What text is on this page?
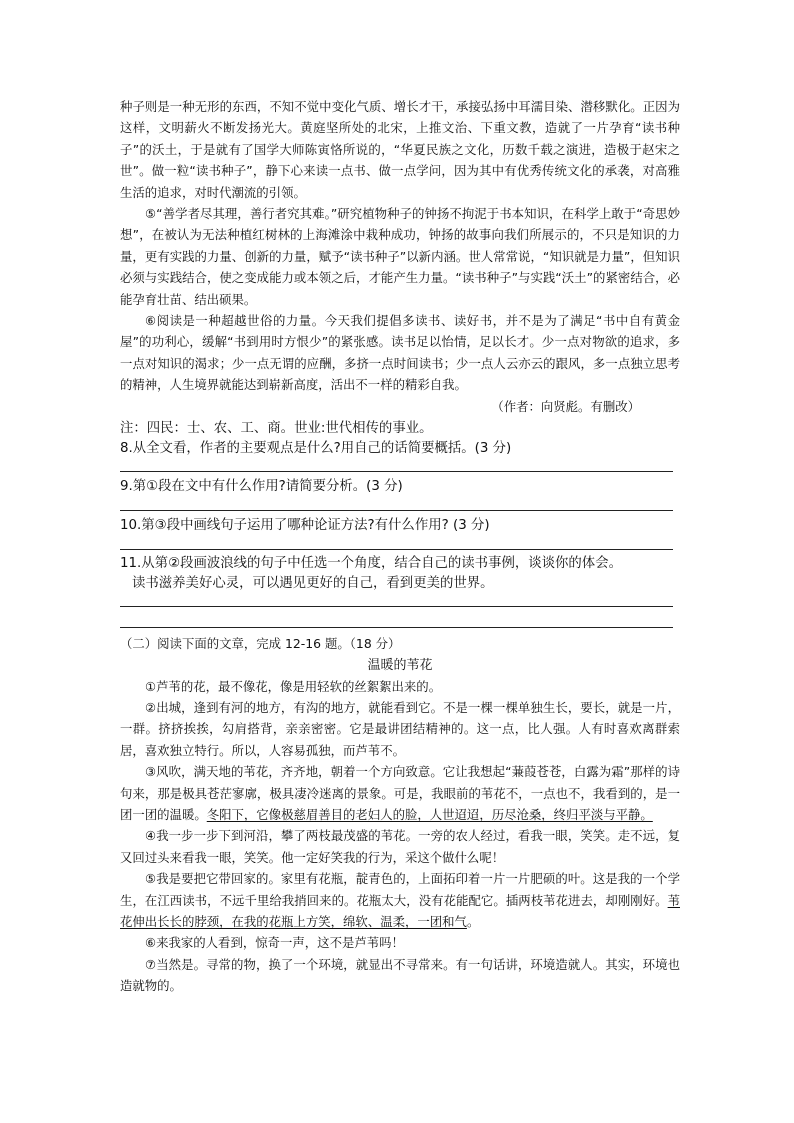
种子则是一种无形的东西，不知不觉中变化气质、增长才干，承接弘扬中耳濡目染、潜移默化。正因为这样，文明薪火不断发扬光大。黄庭坚所处的北宋，上推文治、下重文教，造就了一片孕育“读书种子”的沃土，于是就有了国学大师陈寅恪所说的，“华夏民族之文化，历数千载之演进，造极于赵宋之世”。做一粒“读书种子”，静下心来读一点书、做一点学问，因为其中有优秀传统文化的承袭，对高雅生活的追求，对时代潮流的引领。

⑤“善学者尽其理，善行者究其难。”研究植物种子的钟扬不拘泥于书本知识，在科学上敢于“奇思妙想”，在被认为无法种植红树林的上海滩涂中栽种成功，钟扬的故事向我们所展示的，不只是知识的力量，更有实践的力量、创新的力量，赋予“读书种子”以新内涵。世人常常说，“知识就是力量”，但知识必须与实践结合，使之变成能力或本领之后，才能产生力量。“读书种子”与实践“沃土”的紧密结合，必能孕育壮苗、结出硕果。

⑥阅读是一种超越世俗的力量。今天我们提倡多读书、读好书，并不是为了满足“书中自有黄金屋”的功利心，缓解“书到用时方恨少”的紧张感。读书足以怡情，足以长才。少一点对物欲的追求，多一点对知识的渴求；少一点无谓的应酬，多挤一点时间读书；少一点人云亦云的跟风，多一点独立思考的精神，人生境界就能达到崭新高度，活出不一样的精彩自我。

（作者：向贤彪。有删改）

注：四民：士、农、工、商。世业:世代相传的事业。

8.从全文看，作者的主要观点是什么?用自己的话简要概括。(3 分)

9.第①段在文中有什么作用?请简要分析。(3 分)

10.第③段中画线句子运用了哪种论证方法?有什么作用? (3 分)

11.从第②段画波浪线的句子中任选一个角度，结合自己的读书事例，谈谈你的体会。

读书滋养美好心灵，可以遇见更好的自己，看到更美的世界。

（二）阅读下面的文章，完成 12-16 题。（18 分）

温暖的苇花

①芦苇的花，最不像花，像是用轻软的丝絮絮出来的。

②出城，逢到有河的地方，有沟的地方，就能看到它。不是一棵一棵单独生长，要长，就是一片，一群。挤挤挨挨，勾肩搭背，亲亲密密。它是最讲团结精神的。这一点，比人强。人有时喜欢离群索居，喜欢独立特行。所以，人容易孤独，而芦苇不。

③风吹，满天地的苇花，齐齐地，朝着一个方向致意。它让我想起“蒹葭苍苍，白露为霜”那样的诗句来，那是极具苍茫寥廓，极具凄冷迷离的景象。可是，我眼前的苇花不，一点也不，我看到的，是一团一团的温暖。冬阳下，它像极慈眉善目的老妇人的脸，人世迢迢，历尽沧桑，终归平淡与平静。

④我一步一步下到河沿，攀了两枝最茂盛的苇花。一旁的农人经过，看我一眼，笑笑。走不远，复又回过头来看我一眼，笑笑。他一定好笑我的行为，采这个做什么呢！

⑤我是要把它带回家的。家里有花瓶，靛青色的，上面拓印着一片一片肥硕的叶。这是我的一个学生，在江西读书，不远千里给我捎回来的。花瓶太大，没有花能配它。插两枝苇花进去，却刚刚好。苇花伸出长长的脖颈，在我的花瓶上方笑，绵软、温柔，一团和气。

⑥来我家的人看到，惊奇一声，这不是芦苇吗！

⑦当然是。寻常的物，换了一个环境，就显出不寻常来。有一句话讲，环境造就人。其实，环境也造就物的。
